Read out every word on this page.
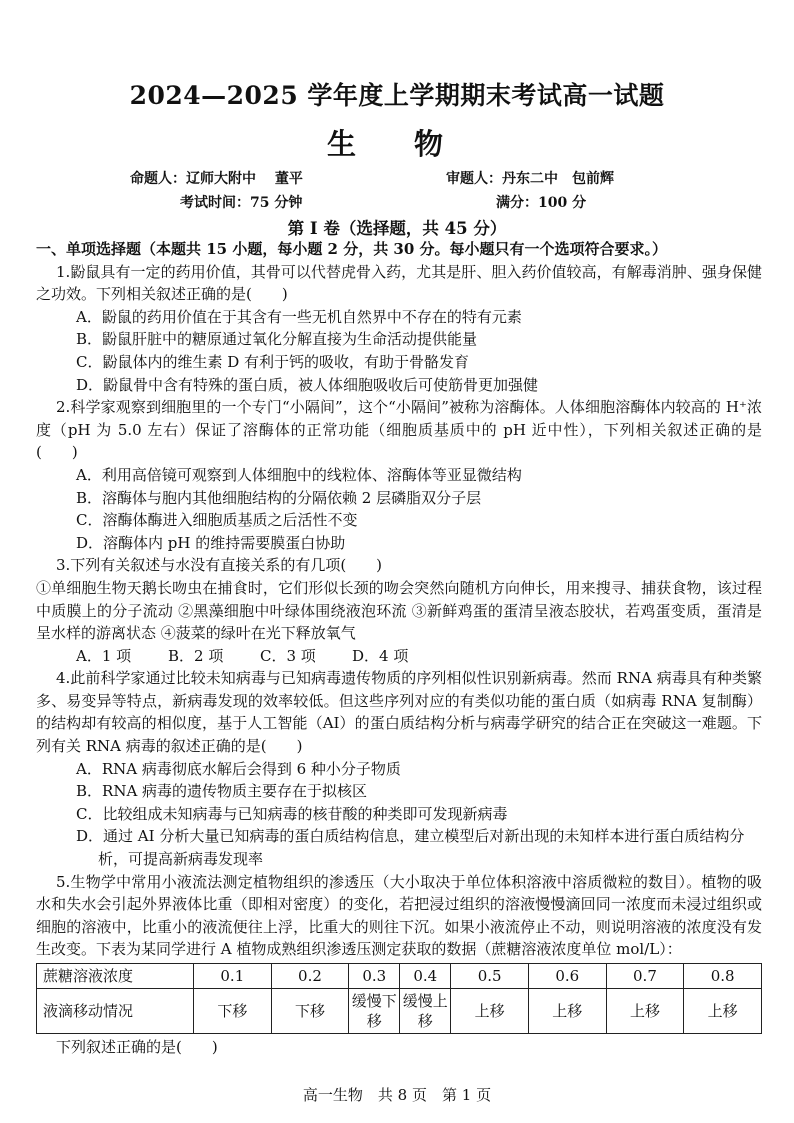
2024—2025 学年度上学期期末考试高一试题
生 物
命题人：辽师大附中　 董平	审题人：丹东二中　包前辉
考试时间：75 分钟	满分：100 分
第 Ⅰ 卷（选择题，共 45 分）

一、单项选择题（本题共 15 小题，每小题 2 分，共 30 分。每小题只有一个选项符合要求。）

1.鼢鼠具有一定的药用价值，其骨可以代替虎骨入药，尤其是肝、胆入药价值较高，有解毒消肿、强身保健之功效。下列相关叙述正确的是(　　)

A．鼢鼠的药用价值在于其含有一些无机自然界中不存在的特有元素

B．鼢鼠肝脏中的糖原通过氧化分解直接为生命活动提供能量

C．鼢鼠体内的维生素 D 有利于钙的吸收，有助于骨骼发育

D．鼢鼠骨中含有特殊的蛋白质，被人体细胞吸收后可使筋骨更加强健

2.科学家观察到细胞里的一个专门“小隔间”，这个“小隔间”被称为溶酶体。人体细胞溶酶体内较高的 H⁺浓度（pH 为 5.0 左右）保证了溶酶体的正常功能（细胞质基质中的 pH 近中性），下列相关叙述正确的是(　　)

A．利用高倍镜可观察到人体细胞中的线粒体、溶酶体等亚显微结构

B．溶酶体与胞内其他细胞结构的分隔依赖 2 层磷脂双分子层

C．溶酶体酶进入细胞质基质之后活性不变

D．溶酶体内 pH 的维持需要膜蛋白协助

3.下列有关叙述与水没有直接关系的有几项(　　)

①单细胞生物天鹅长吻虫在捕食时，它们形似长颈的吻会突然向随机方向伸长，用来搜寻、捕获食物，该过程中质膜上的分子流动 ②黑藻细胞中叶绿体围绕液泡环流 ③新鲜鸡蛋的蛋清呈液态胶状，若鸡蛋变质，蛋清是呈水样的游离状态 ④菠菜的绿叶在光下释放氧气

A．1 项 B．2 项 C．3 项 D．4 项

4.此前科学家通过比较未知病毒与已知病毒遗传物质的序列相似性识别新病毒。然而 RNA 病毒具有种类繁多、易变异等特点，新病毒发现的效率较低。但这些序列对应的有类似功能的蛋白质（如病毒 RNA 复制酶）的结构却有较高的相似度，基于人工智能（AI）的蛋白质结构分析与病毒学研究的结合正在突破这一难题。下列有关 RNA 病毒的叙述正确的是(　　)

A．RNA 病毒彻底水解后会得到 6 种小分子物质

B．RNA 病毒的遗传物质主要存在于拟核区

C．比较组成未知病毒与已知病毒的核苷酸的种类即可发现新病毒

D．通过 AI 分析大量已知病毒的蛋白质结构信息，建立模型后对新出现的未知样本进行蛋白质结构分析，可提高新病毒发现率

5.生物学中常用小液流法测定植物组织的渗透压（大小取决于单位体积溶液中溶质微粒的数目）。植物的吸水和失水会引起外界液体比重（即相对密度）的变化，若把浸过组织的溶液慢慢滴回同一浓度而未浸过组织或细胞的溶液中，比重小的液流便往上浮，比重大的则往下沉。如果小液流停止不动，则说明溶液的浓度没有发生改变。下表为某同学进行 A 植物成熟组织渗透压测定获取的数据（蔗糖溶液浓度单位 mol/L）：

蔗糖溶液浓度	0.1	0.2	0.3	0.4	0.5	0.6	0.7	0.8
液滴移动情况	下移	下移	缓慢下移	缓慢上移	上移	上移	上移	上移

下列叙述正确的是(　　)

高一生物　共 8 页　第 1 页
